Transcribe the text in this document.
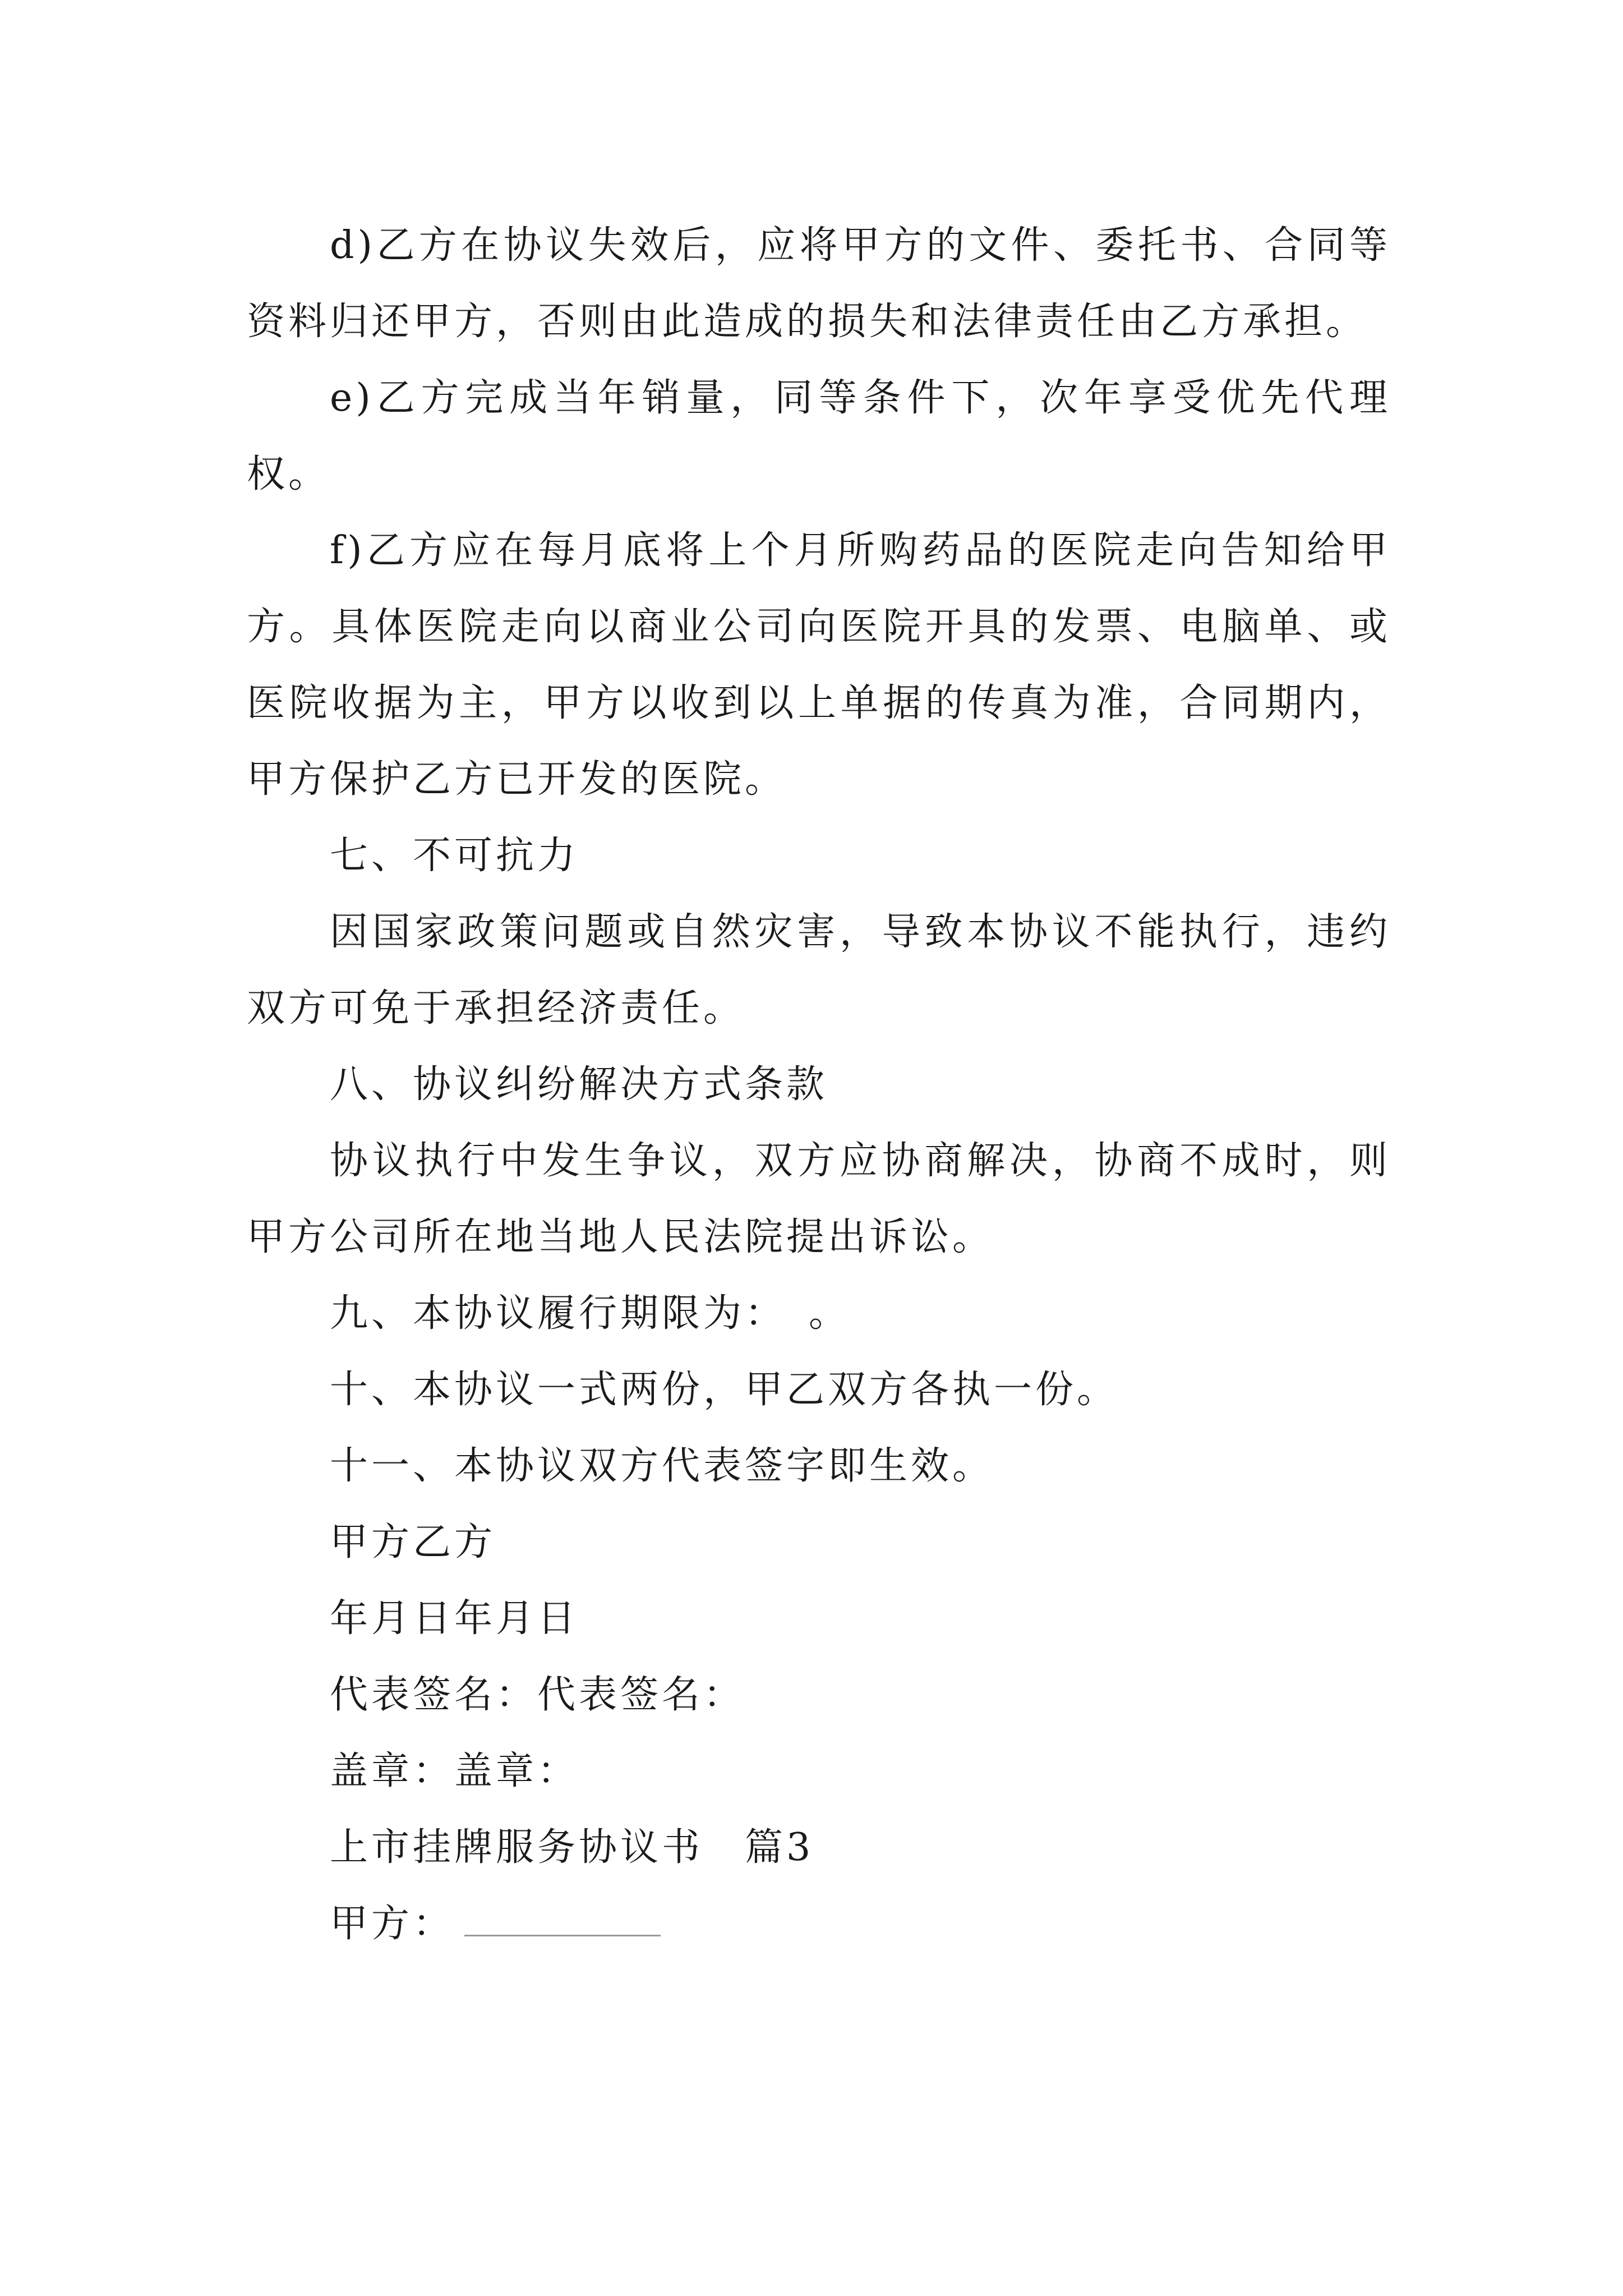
d)乙方在协议失效后，应将甲方的文件、委托书、合同等资料归还甲方，否则由此造成的损失和法律责任由乙方承担。

e)乙方完成当年销量，同等条件下，次年享受优先代理权。

f)乙方应在每月底将上个月所购药品的医院走向告知给甲方。具体医院走向以商业公司向医院开具的发票、电脑单、或医院收据为主，甲方以收到以上单据的传真为准，合同期内，甲方保护乙方已开发的医院。

七、不可抗力

因国家政策问题或自然灾害，导致本协议不能执行，违约双方可免于承担经济责任。

八、协议纠纷解决方式条款

协议执行中发生争议，双方应协商解决，协商不成时，则甲方公司所在地当地人民法院提出诉讼。

九、本协议履行期限为：　。

十、本协议一式两份，甲乙双方各执一份。

十一、本协议双方代表签字即生效。

甲方乙方

年月日年月日

代表签名：代表签名：

盖章：盖章：

上市挂牌服务协议书　篇3

甲方：
